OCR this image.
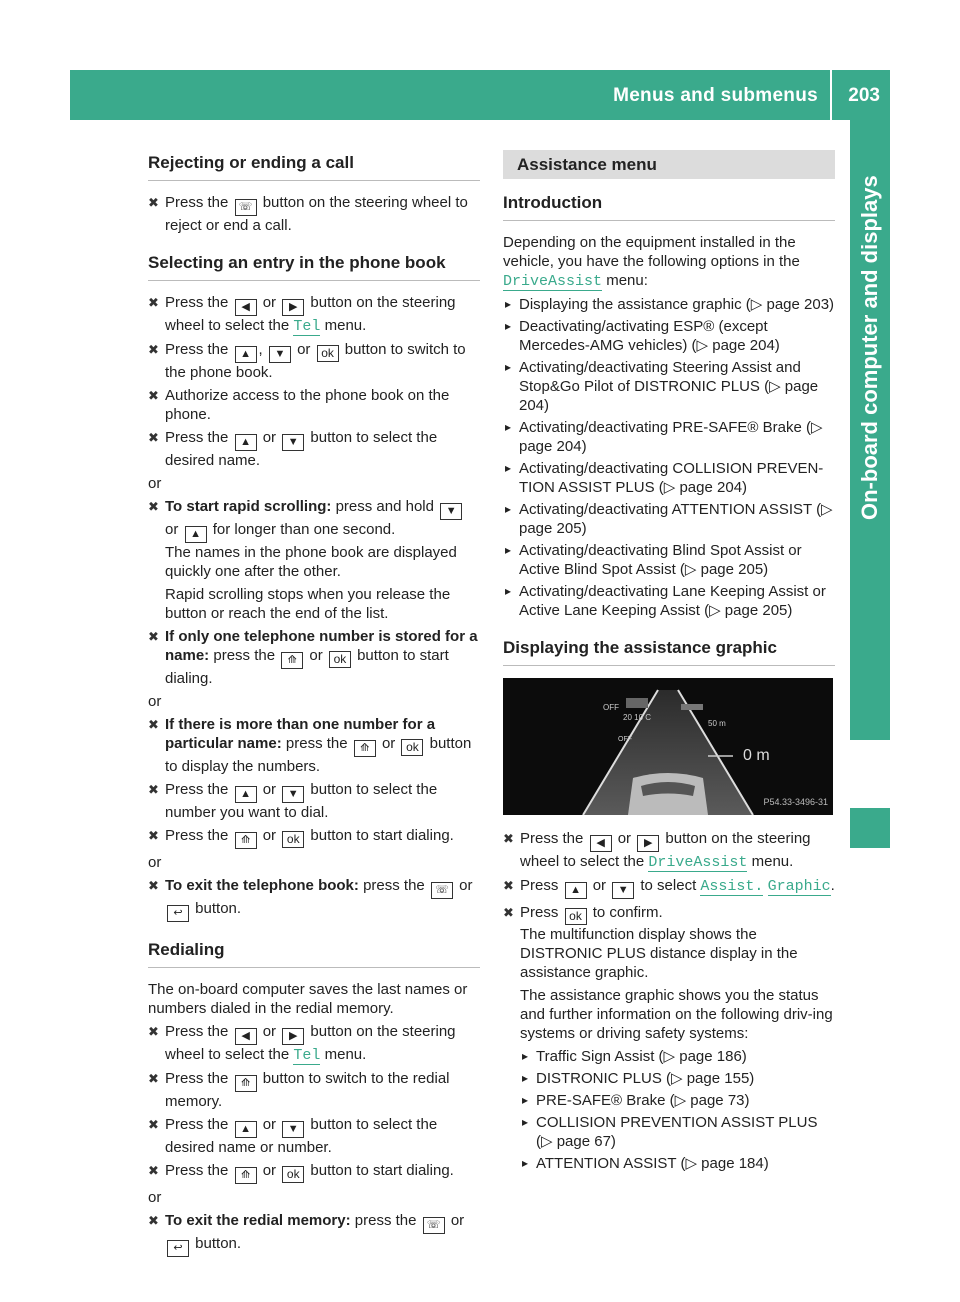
Menus and submenus 203
On-board computer and displays
Rejecting or ending a call

✖ Press the ☏ button on the steering wheel to reject or end a call.

Selecting an entry in the phone book

✖ Press the ◀ or ▶ button on the steering wheel to select the Tel menu.

✖ Press the ▲ , ▼ or ok button to switch to the phone book.

✖ Authorize access to the phone book on the phone.

✖ Press the ▲ or ▼ button to select the desired name.

or

✖ To start rapid scrolling: press and hold ▼ or ▲ for longer than one second.
The names in the phone book are displayed quickly one after the other.
Rapid scrolling stops when you release the button or reach the end of the list.

✖ If only one telephone number is stored for a name: press the ⟰ or ok button to start dialing.

or

✖ If there is more than one number for a particular name: press the ⟰ or ok button to display the numbers.

✖ Press the ▲ or ▼ button to select the number you want to dial.

✖ Press the ⟰ or ok button to start dialing.

or

✖ To exit the telephone book: press the ☏ or ↩ button.

Redialing

The on-board computer saves the last names or numbers dialed in the redial memory.

✖ Press the ◀ or ▶ button on the steering wheel to select the Tel menu.

✖ Press the ⟰ button to switch to the redial memory.

✖ Press the ▲ or ▼ button to select the desired name or number.

✖ Press the ⟰ or ok button to start dialing.

or

✖ To exit the redial memory: press the ☏ or ↩ button.

Assistance menu
Introduction

Depending on the equipment installed in the vehicle, you have the following options in the DriveAssist menu:

▸ Displaying the assistance graphic (▷ page 203)

▸ Deactivating/activating ESP® (except Mercedes-AMG vehicles) (▷ page 204)

▸ Activating/deactivating Steering Assist and Stop&Go Pilot of DISTRONIC PLUS (▷ page 204)

▸ Activating/deactivating PRE-SAFE® Brake (▷ page 204)

▸ Activating/deactivating COLLISION PREVEN-TION ASSIST PLUS (▷ page 204)

▸ Activating/deactivating ATTENTION ASSIST (▷ page 205)

▸ Activating/deactivating Blind Spot Assist or Active Blind Spot Assist (▷ page 205)

▸ Activating/deactivating Lane Keeping Assist or Active Lane Keeping Assist (▷ page 205)

Displaying the assistance graphic
OFF
20 10 C
OFF
50 m
0 m
P54.33-3496-31

✖ Press the ◀ or ▶ button on the steering wheel to select the DriveAssist menu.

✖ Press ▲ or ▼ to select Assist. Graphic.

✖ Press ok to confirm.
The multifunction display shows the DISTRONIC PLUS distance display in the assistance graphic.
The assistance graphic shows you the status and further information on the following driv-ing systems or driving safety systems:

▸ Traffic Sign Assist (▷ page 186)

▸ DISTRONIC PLUS (▷ page 155)

▸ PRE-SAFE® Brake (▷ page 73)

▸ COLLISION PREVENTION ASSIST PLUS (▷ page 67)

▸ ATTENTION ASSIST (▷ page 184)
